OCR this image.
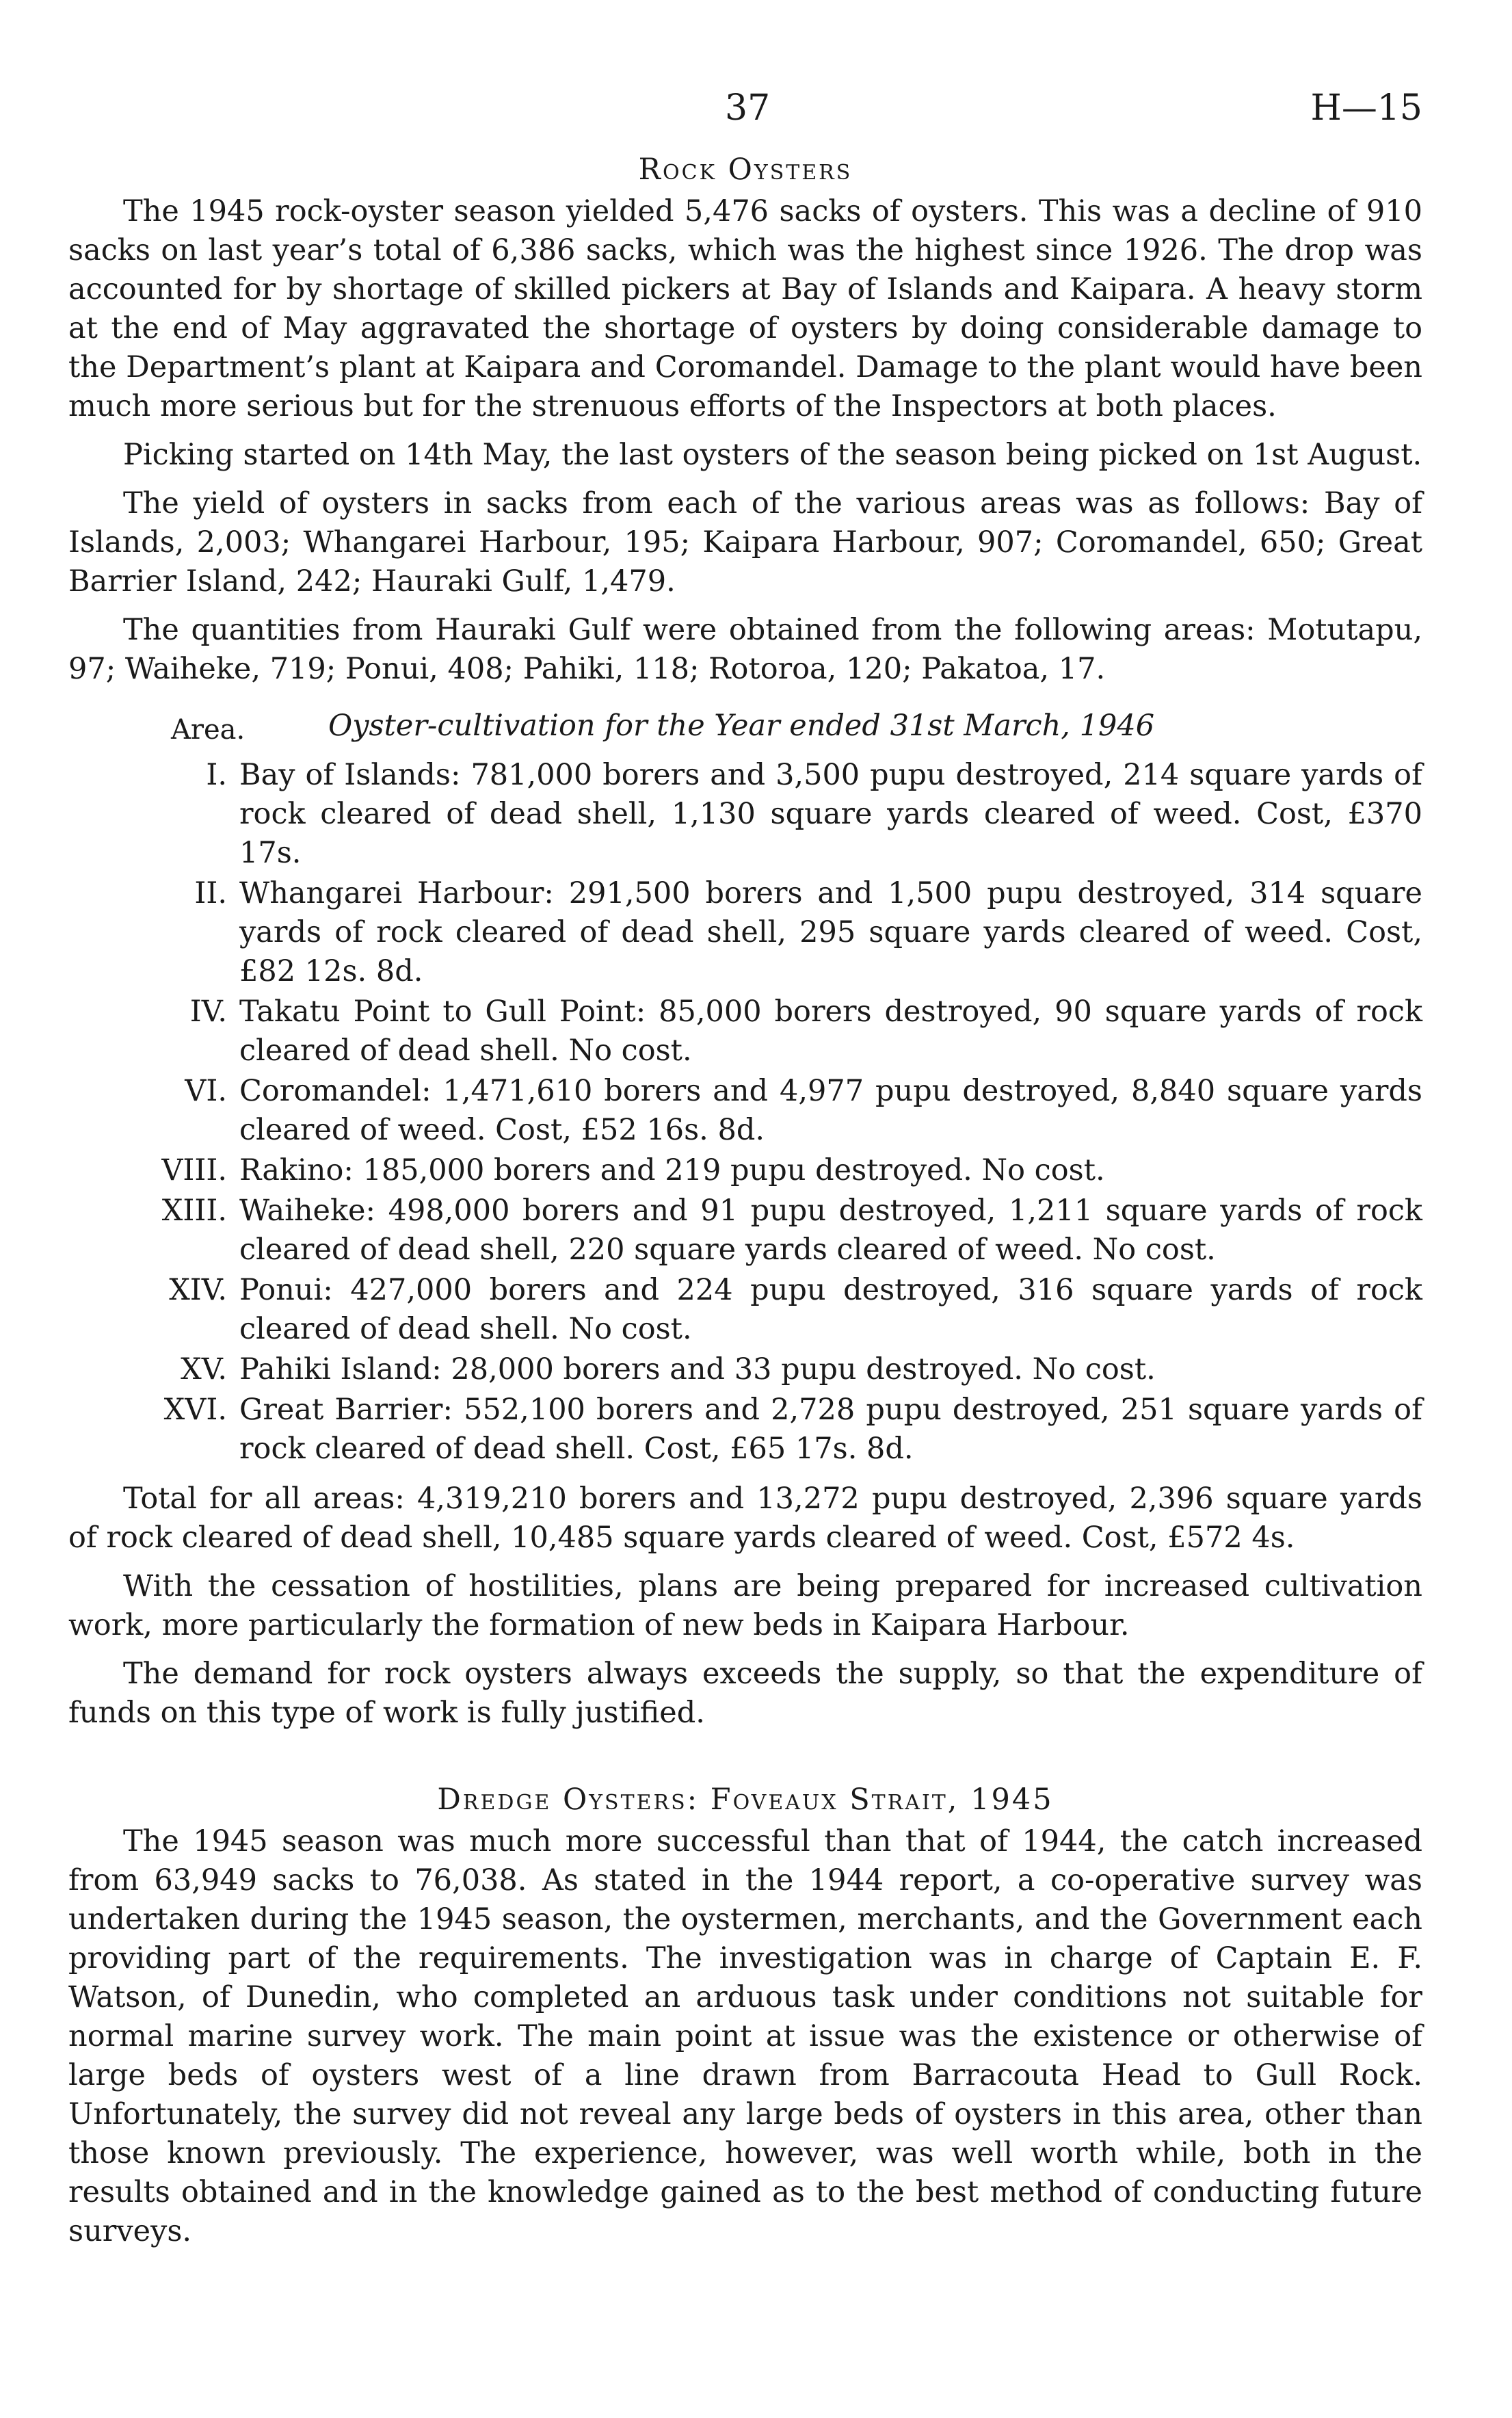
37	H—15
Rock Oysters

The 1945 rock-oyster season yielded 5,476 sacks of oysters. This was a decline of 910 sacks on last year’s total of 6,386 sacks, which was the highest since 1926. The drop was accounted for by shortage of skilled pickers at Bay of Islands and Kaipara. A heavy storm at the end of May aggravated the shortage of oysters by doing considerable damage to the Department’s plant at Kaipara and Coromandel. Damage to the plant would have been much more serious but for the strenuous efforts of the Inspectors at both places.

Picking started on 14th May, the last oysters of the season being picked on 1st August.

The yield of oysters in sacks from each of the various areas was as follows: Bay of Islands, 2,003; Whangarei Harbour, 195; Kaipara Harbour, 907; Coromandel, 650; Great Barrier Island, 242; Hauraki Gulf, 1,479.

The quantities from Hauraki Gulf were obtained from the following areas: Motutapu, 97; Waiheke, 719; Ponui, 408; Pahiki, 118; Rotoroa, 120; Pakatoa, 17.

Area.	Oyster-cultivation for the Year ended 31st March, 1946
I. Bay of Islands: 781,000 borers and 3,500 pupu destroyed, 214 square yards of rock cleared of dead shell, 1,130 square yards cleared of weed. Cost, £370 17s.
II. Whangarei Harbour: 291,500 borers and 1,500 pupu destroyed, 314 square yards of rock cleared of dead shell, 295 square yards cleared of weed. Cost, £82 12s. 8d.
IV. Takatu Point to Gull Point: 85,000 borers destroyed, 90 square yards of rock cleared of dead shell. No cost.
VI. Coromandel: 1,471,610 borers and 4,977 pupu destroyed, 8,840 square yards cleared of weed. Cost, £52 16s. 8d.
VIII. Rakino: 185,000 borers and 219 pupu destroyed. No cost.
XIII. Waiheke: 498,000 borers and 91 pupu destroyed, 1,211 square yards of rock cleared of dead shell, 220 square yards cleared of weed. No cost.
XIV. Ponui: 427,000 borers and 224 pupu destroyed, 316 square yards of rock cleared of dead shell. No cost.
XV. Pahiki Island: 28,000 borers and 33 pupu destroyed. No cost.
XVI. Great Barrier: 552,100 borers and 2,728 pupu destroyed, 251 square yards of rock cleared of dead shell. Cost, £65 17s. 8d.

Total for all areas: 4,319,210 borers and 13,272 pupu destroyed, 2,396 square yards of rock cleared of dead shell, 10,485 square yards cleared of weed. Cost, £572 4s.

With the cessation of hostilities, plans are being prepared for increased cultivation work, more particularly the formation of new beds in Kaipara Harbour.

The demand for rock oysters always exceeds the supply, so that the expenditure of funds on this type of work is fully justified.

Dredge Oysters: Foveaux Strait, 1945

The 1945 season was much more successful than that of 1944, the catch increased from 63,949 sacks to 76,038. As stated in the 1944 report, a co-operative survey was undertaken during the 1945 season, the oystermen, merchants, and the Government each providing part of the requirements. The investigation was in charge of Captain E. F. Watson, of Dunedin, who completed an arduous task under conditions not suitable for normal marine survey work. The main point at issue was the existence or otherwise of large beds of oysters west of a line drawn from Barracouta Head to Gull Rock. Unfortunately, the survey did not reveal any large beds of oysters in this area, other than those known previously. The experience, however, was well worth while, both in the results obtained and in the knowledge gained as to the best method of conducting future surveys.
